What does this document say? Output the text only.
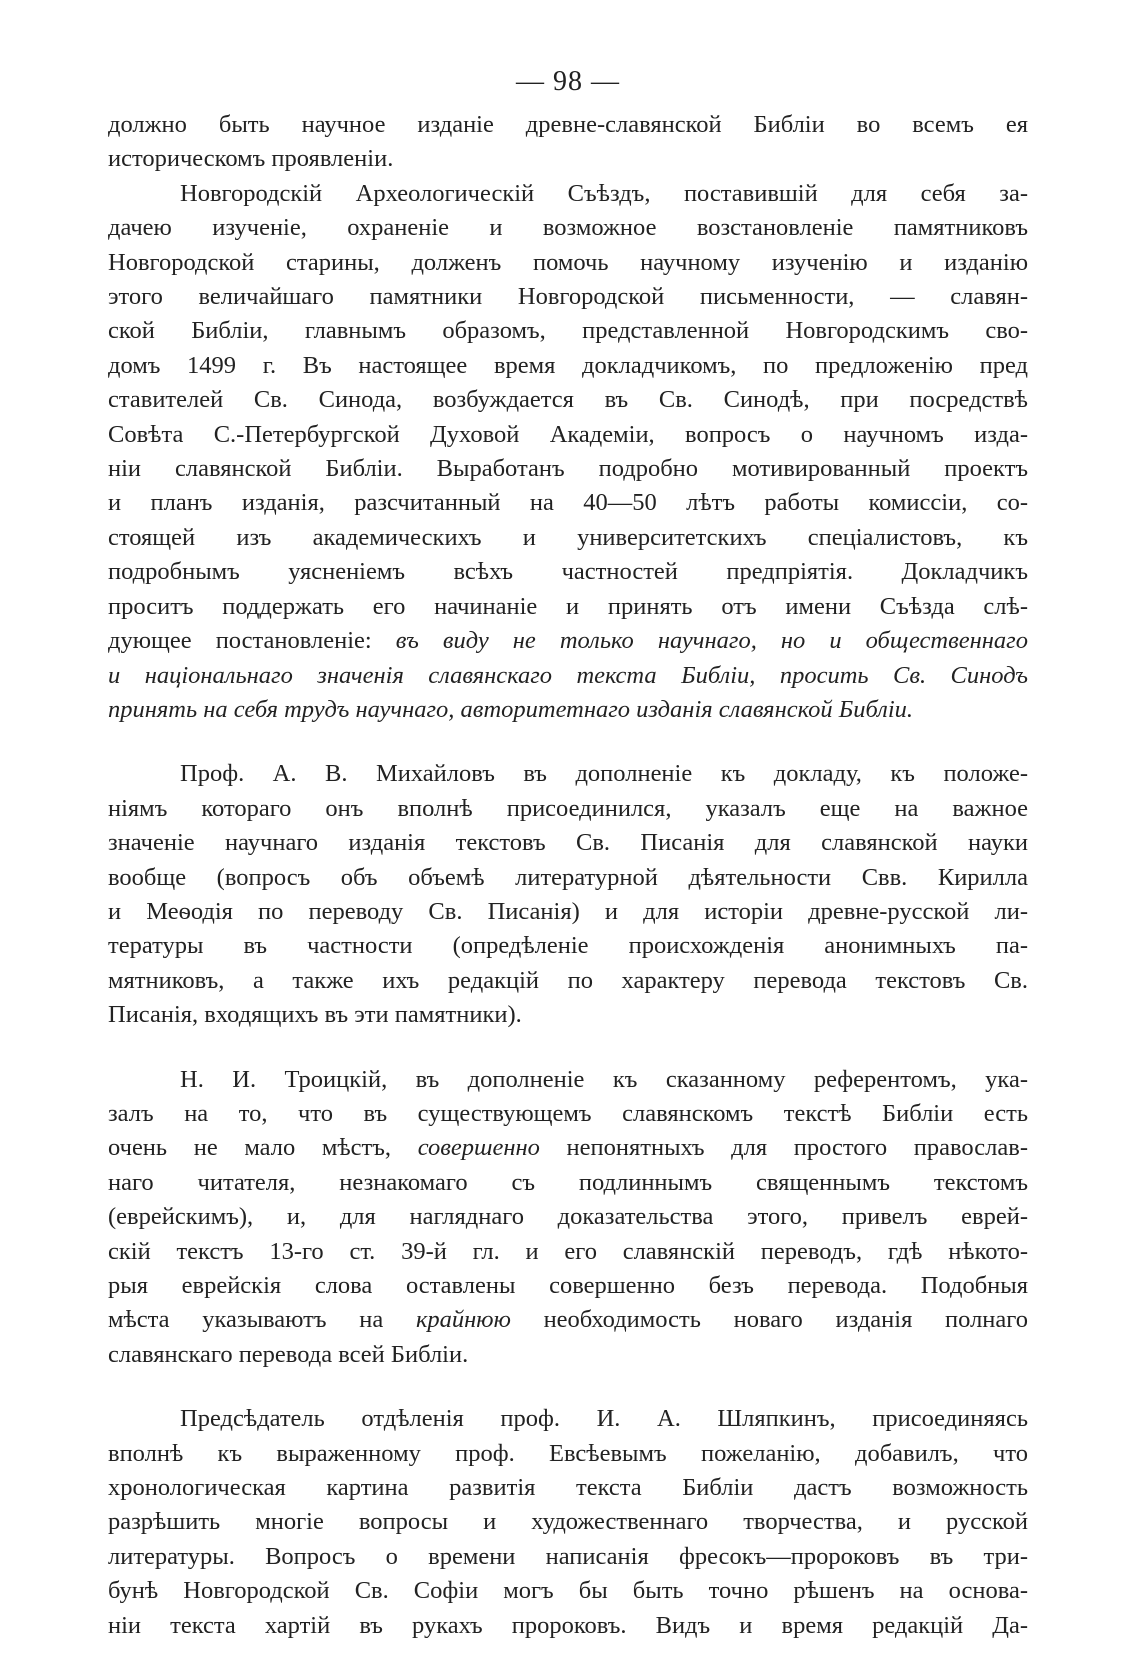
— 98 —

должно быть научное изданіе древне-славянской Библіи во всемъ ея
историческомъ проявленіи.

Новгородскій Археологическій Съѣздъ, поставившій для себя за-
дачею изученіе, охраненіе и возможное возстановленіе памятниковъ
Новгородской старины, долженъ помочь научному изученію и изданію
этого величайшаго памятники Новгородской письменности, — славян-
ской Библіи, главнымъ образомъ, представленной Новгородскимъ сво-
домъ 1499 г. Въ настоящее время докладчикомъ, по предложенію пред
ставителей Св. Синода, возбуждается въ Св. Синодѣ, при посредствѣ
Совѣта С.-Петербургской Духовой Академіи, вопросъ о научномъ изда-
ніи славянской Библіи. Выработанъ подробно мотивированный проектъ
и планъ изданія, разсчитанный на 40—50 лѣтъ работы комиссіи, со-
стоящей изъ академическихъ и университетскихъ спеціалистовъ, къ
подробнымъ уясненіемъ всѣхъ частностей предпріятія. Докладчикъ
проситъ поддержать его начинаніе и принять отъ имени Съѣзда слѣ-
дующее постановленіе: въ виду не только научнаго, но и общественнаго
и національнаго значенія славянскаго текста Библіи, просить Св. Синодъ
принять на себя трудъ научнаго, авторитетнаго изданія славянской Библіи.

Проф. А. В. Михайловъ въ дополненіе къ докладу, къ положе-
ніямъ котораго онъ вполнѣ присоединился, указалъ еще на важное
значеніе научнаго изданія текстовъ Св. Писанія для славянской науки
вообще (вопросъ объ объемѣ литературной дѣятельности Свв. Кирилла
и Меѳодія по переводу Св. Писанія) и для исторіи древне-русской ли-
тературы въ частности (опредѣленіе происхожденія анонимныхъ па-
мятниковъ, а также ихъ редакцій по характеру перевода текстовъ Св.
Писанія, входящихъ въ эти памятники).

Н. И. Троицкій, въ дополненіе къ сказанному референтомъ, ука-
залъ на то, что въ существующемъ славянскомъ текстѣ Библіи есть
очень не мало мѣстъ, совершенно непонятныхъ для простого православ-
наго читателя, незнакомаго съ подлиннымъ священнымъ текстомъ
(еврейскимъ), и, для нагляднаго доказательства этого, привелъ еврей-
скій текстъ 13-го ст. 39-й гл. и его славянскій переводъ, гдѣ нѣкото-
рыя еврейскія слова оставлены совершенно безъ перевода. Подобныя
мѣста указываютъ на крайнюю необходимость новаго изданія полнаго
славянскаго перевода всей Библіи.

Предсѣдатель отдѣленія проф. И. А. Шляпкинъ, присоединяясь
вполнѣ къ выраженному проф. Евсѣевымъ пожеланію, добавилъ, что
хронологическая картина развитія текста Библіи дастъ возможность
разрѣшить многіе вопросы и художественнаго творчества, и русской
литературы. Вопросъ о времени написанія фресокъ—пророковъ въ три-
бунѣ Новгородской Св. Софіи могъ бы быть точно рѣшенъ на основа-
ніи текста хартій въ рукахъ пророковъ. Видъ и время редакцій Да-
